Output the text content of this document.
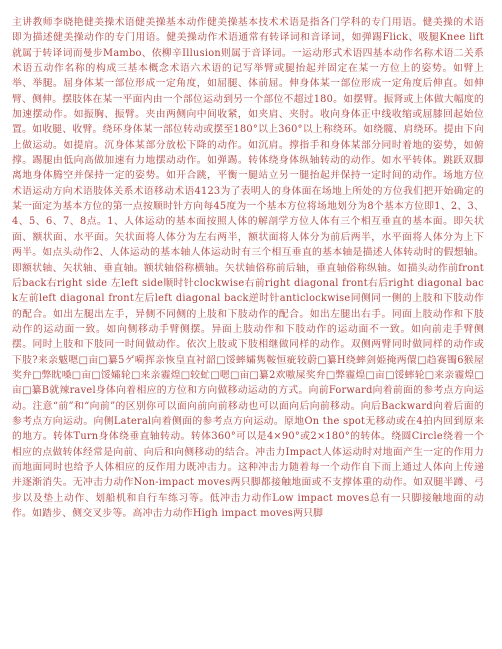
主讲教师李晓艳健美操术语健美操基本动作健美操基本技术术语是指各门学科的专门用语。健美操的术语即为描述健美操动作的专门用语。健美操动作术语通常有转译词和音译词，如弹踢Flick、吸腿Knee lift就属于转译词而曼步Mambo、依柳辛Illusion则属于音译词。一运动形式术语四基本动作名称术语二关系术语五动作名称的构成三基本概念术语六术语的记写举臂或腿抬起并固定在某一方位上的姿势。如臂上举、举腿。屈身体某一部位形成一定角度，如屈腿、体前屈。伸身体某一部位形成一定角度后伸直。如伸臂、侧伸。摆肢体在某一平面内由一个部位运动到另一个部位不超过180。如摆臂。振肾或上体做大幅度的加速摆动作。如振胸、振臂。夹由两侧向中间收紧，如夹肩、夹肘。收向身体正中线收缩或屈膝回起始位置。如收腿、收臂。绕环身体某一部位转动或摆至180°以上360°以上称绕环。如绕髋、肩绕环。提由下向上做运动。如提肩。沉身体某部分放松下降的动作。如沉肩。撑指手和身体某部分同时着地的姿势，如俯撑。踢腿由低向高做加速有力地摆动动作。如弹踢。转体绕身体纵轴转动的动作。如水平转体。跳跃双脚离地身体腾空并保持一定的姿势。如开合跳，平衡一腿站立另一腿抬起并保持一定时间的动作。场地方位术语运动方向术语肢体关系术语移动术语4123为了表明人的身体面在场地上所处的方位我们把开始确定的某一面定为基本方位的第一点按顺时针方向每45度为一个基本方位将场地划分为8个基本方位即1、2、3、4、5、6、7、8点。1、人体运动的基本面按照人体的解剖学方位人体有三个相互垂直的基本面。即矢状面、额状面、水平面。矢状面将人体分为左右两半，额状面将人体分为前后两半，水平面将人体分为上下两半。如点头动作2、人体运动的基本轴人体运动时有三个相互垂直的基本轴是描述人体转动时的假想轴。即额状轴、矢状轴、垂直轴。额状轴俗称横轴。矢状轴俗称前后轴，垂直轴俗称纵轴。如描头动作前front后back右right side 左left side顺时针clockwise右前right diagonal front右后right diagonal back左前left diagonal front左后left diagonal back逆时针anticlockwise同侧同一侧的上肢和下肢动作的配合。如出左腿出左手，异侧不同侧的上肢和下肢动作的配合。如出左腿出右手。同面上肢动作和下肢动作的运动面一致。如向侧移动手臂侧摆。异面上肢动作和下肢动作的运动面不一致。如向前走手臂侧摆。同时上肢和下肢同一时间做动作。依次上肢或下肢相继做同样的动作。双侧两臂同时做同样的动作或下肢?来亲魃嗯□亩□纂5ゲ嗬挥亲恢皇直衬韶□馁蟀孀隽鞍恒疵较蔚□纂H绕蟀剑姫掩两儇□趋赛镯6猴屋奖弁□弊眈嗓□亩□馁孀轮□来亲霾煌□较虻□嗯□亩□纂2欢嗷屎奖弁□弊霾煌□亩□馁蟀轮□来亲霾煌□亩□纂B就辣ravel身体向着相应的方位和方向做移动运动的方式。向前Forward向着前面的参考点方向运动。注意“前”和“向前”的区别你可以面向前向前移动也可以面向后向前移动。向后Backward向着后面的参考点方向运动。向侧Lateral向着侧面的参考点方向运动。原地On the spot无移动或在4拍内回到原来的地方。转体Turn身体绕垂直轴转动。转体360°可以是4×90°或2×180°的转体。绕圆Circle绕着一个相应的点做转体经常是向前、向后和向侧移动的结合。冲击力Impact人体运动时对地面产生一定的作用力而地面同时也给予人体相应的反作用力既冲击力。这种冲击力随着每一个动作自下而上通过人体向上传递并逐渐消失。无冲击力动作Non-impact moves两只脚都接触地面或不支撑体重的动作。如双腿半蹲、弓步以及垫上动作、划船机和自行车练习等。低冲击力动作Low impact moves总有一只脚接触地面的动作。如踏步、侧交叉步等。高冲击力动作High impact moves两只脚
